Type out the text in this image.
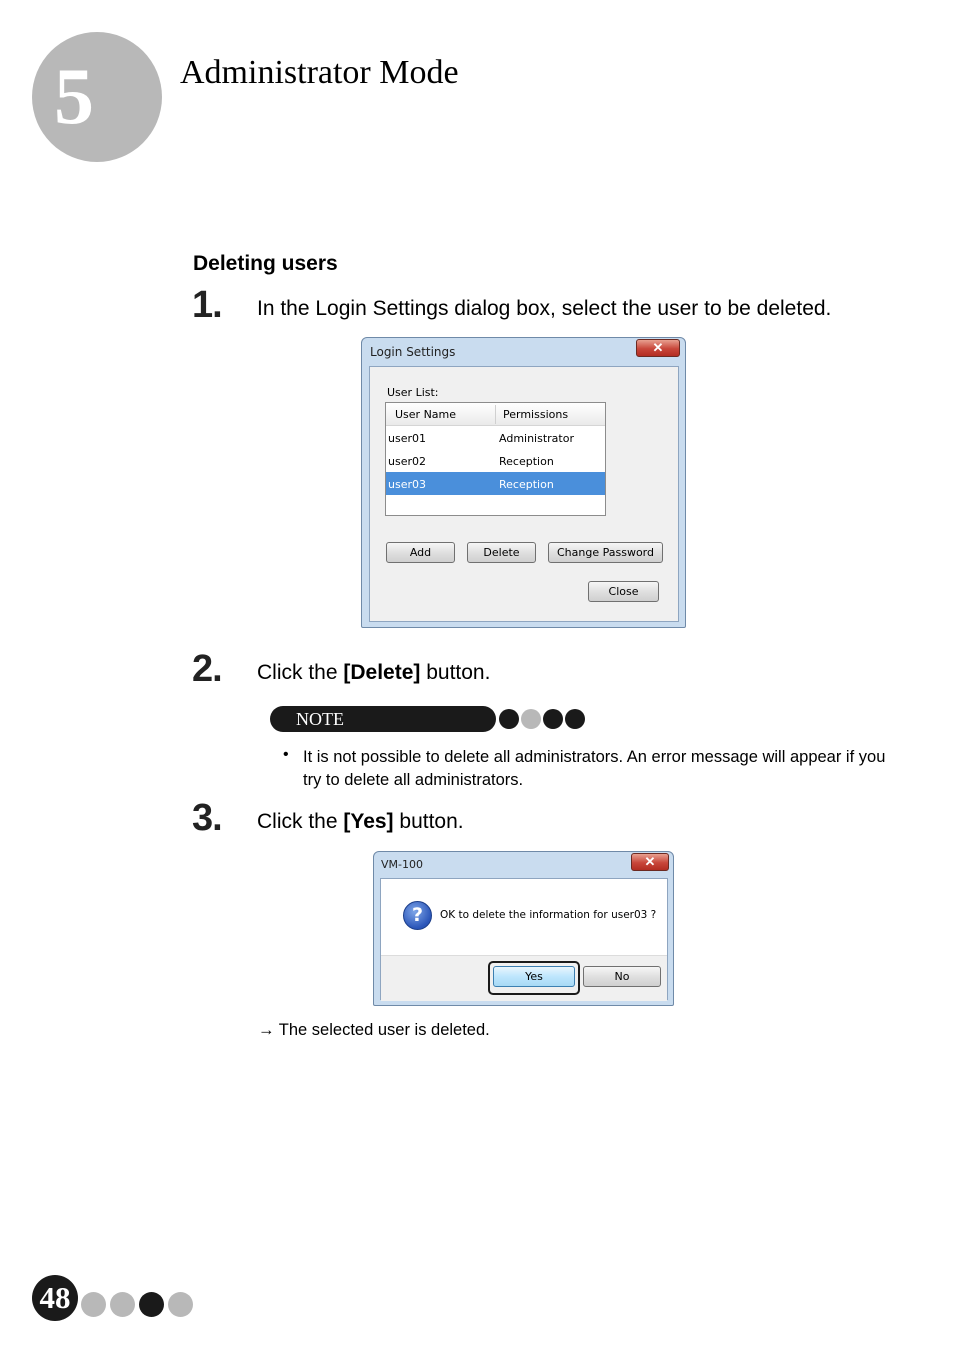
5	Administrator Mode
Deleting users
1. In the Login Settings dialog box, select the user to be deleted.
Login Settings	✕
User List:
User Name	Permissions
user01	Administrator
user02	Reception
user03	Reception
Add	Delete	Change Password
Close
2. Click the [Delete] button.
NOTE
• It is not possible to delete all administrators. An error message will appear if you try to delete all administrators.
3. Click the [Yes] button.
VM-100	✕
?	OK to delete the information for user03 ?
Yes	No
→ The selected user is deleted.
48
